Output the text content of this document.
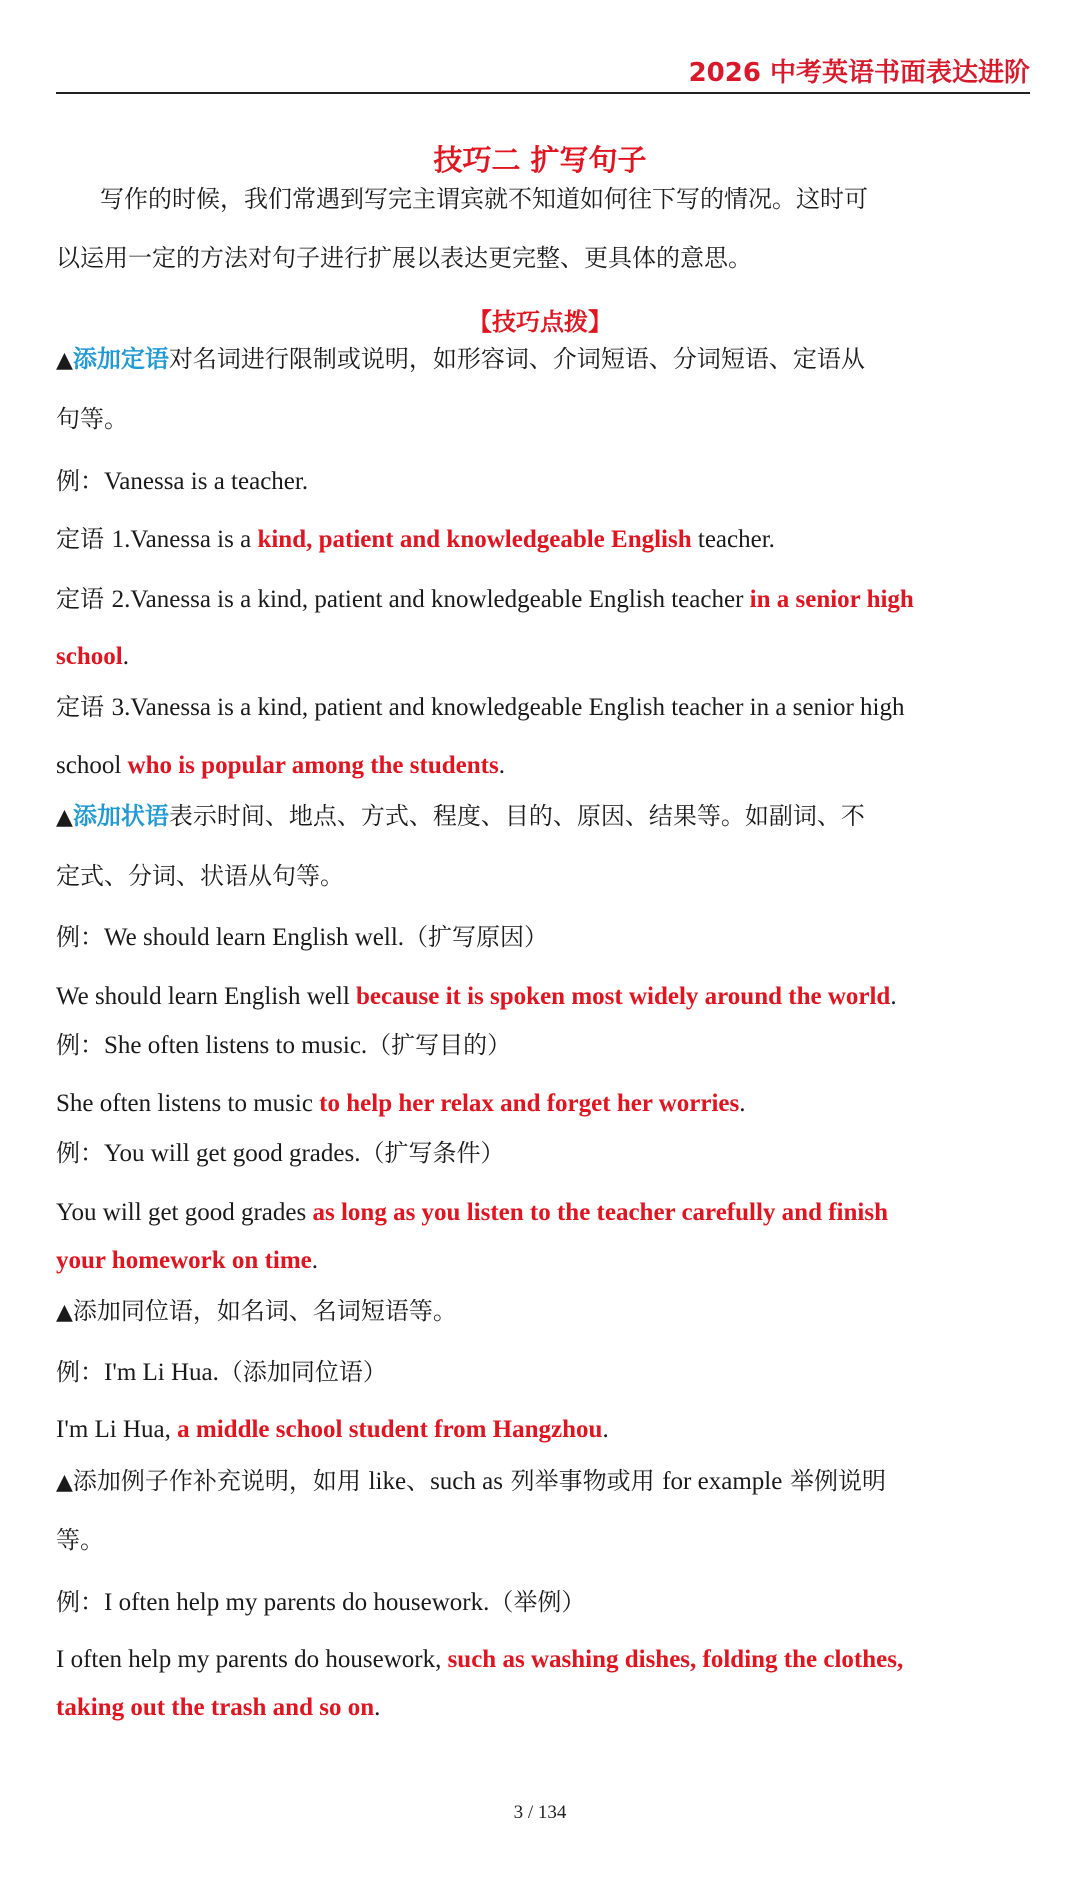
2026 中考英语书面表达进阶
技巧二 扩写句子
写作的时候，我们常遇到写完主谓宾就不知道如何往下写的情况。这时可
以运用一定的方法对句子进行扩展以表达更完整、更具体的意思。
【技巧点拨】
▲添加定语对名词进行限制或说明，如形容词、介词短语、分词短语、定语从
句等。
例：Vanessa is a teacher.
定语 1.Vanessa is a kind, patient and knowledgeable English teacher.
定语 2.Vanessa is a kind, patient and knowledgeable English teacher in a senior high
school.
定语 3.Vanessa is a kind, patient and knowledgeable English teacher in a senior high
school who is popular among the students.
▲添加状语表示时间、地点、方式、程度、目的、原因、结果等。如副词、不
定式、分词、状语从句等。
例：We should learn English well.（扩写原因）
We should learn English well because it is spoken most widely around the world.
例：She often listens to music.（扩写目的）
She often listens to music to help her relax and forget her worries.
例：You will get good grades.（扩写条件）
You will get good grades as long as you listen to the teacher carefully and finish
your homework on time.
▲添加同位语，如名词、名词短语等。
例：I'm Li Hua.（添加同位语）
I'm Li Hua, a middle school student from Hangzhou.
▲添加例子作补充说明，如用 like、such as 列举事物或用 for example 举例说明
等。
例：I often help my parents do housework.（举例）
I often help my parents do housework, such as washing dishes, folding the clothes,
taking out the trash and so on.
3 / 134
